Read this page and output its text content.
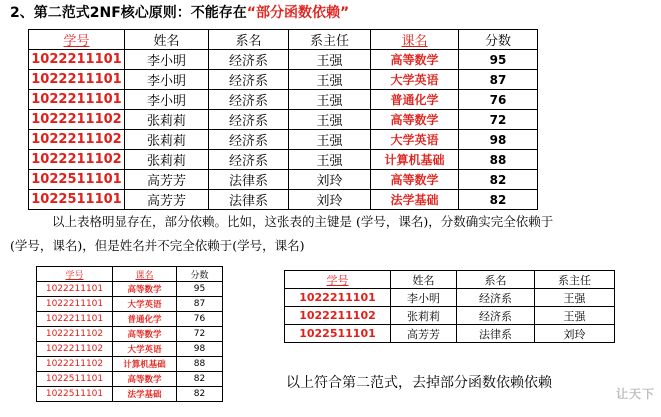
2、第二范式2NF核心原则：不能存在“部分函数依赖”
学号	姓名	系名	系主任	课名	分数
1022211101	李小明	经济系	王强	高等数学	95
1022211101	李小明	经济系	王强	大学英语	87
1022211101	李小明	经济系	王强	普通化学	76
1022211102	张莉莉	经济系	王强	高等数学	72
1022211102	张莉莉	经济系	王强	大学英语	98
1022211102	张莉莉	经济系	王强	计算机基础	88
1022511101	高芳芳	法律系	刘玲	高等数学	82
1022511101	高芳芳	法律系	刘玲	法学基础	82
以上表格明显存在，部分依赖。比如，这张表的主键是 (学号，课名)，分数确实完全依赖于
(学号，课名)，但是姓名并不完全依赖于(学号，课名)
学号	课名	分数
1022211101	高等数学	95
1022211101	大学英语	87
1022211101	普通化学	76
1022211102	高等数学	72
1022211102	大学英语	98
1022211102	计算机基础	88
1022511101	高等数学	82
1022511101	法学基础	82
学号	姓名	系名	系主任
1022211101	李小明	经济系	王强
1022211102	张莉莉	经济系	王强
1022511101	高芳芳	法律系	刘玲
以上符合第二范式，去掉部分函数依赖依赖
让天下
